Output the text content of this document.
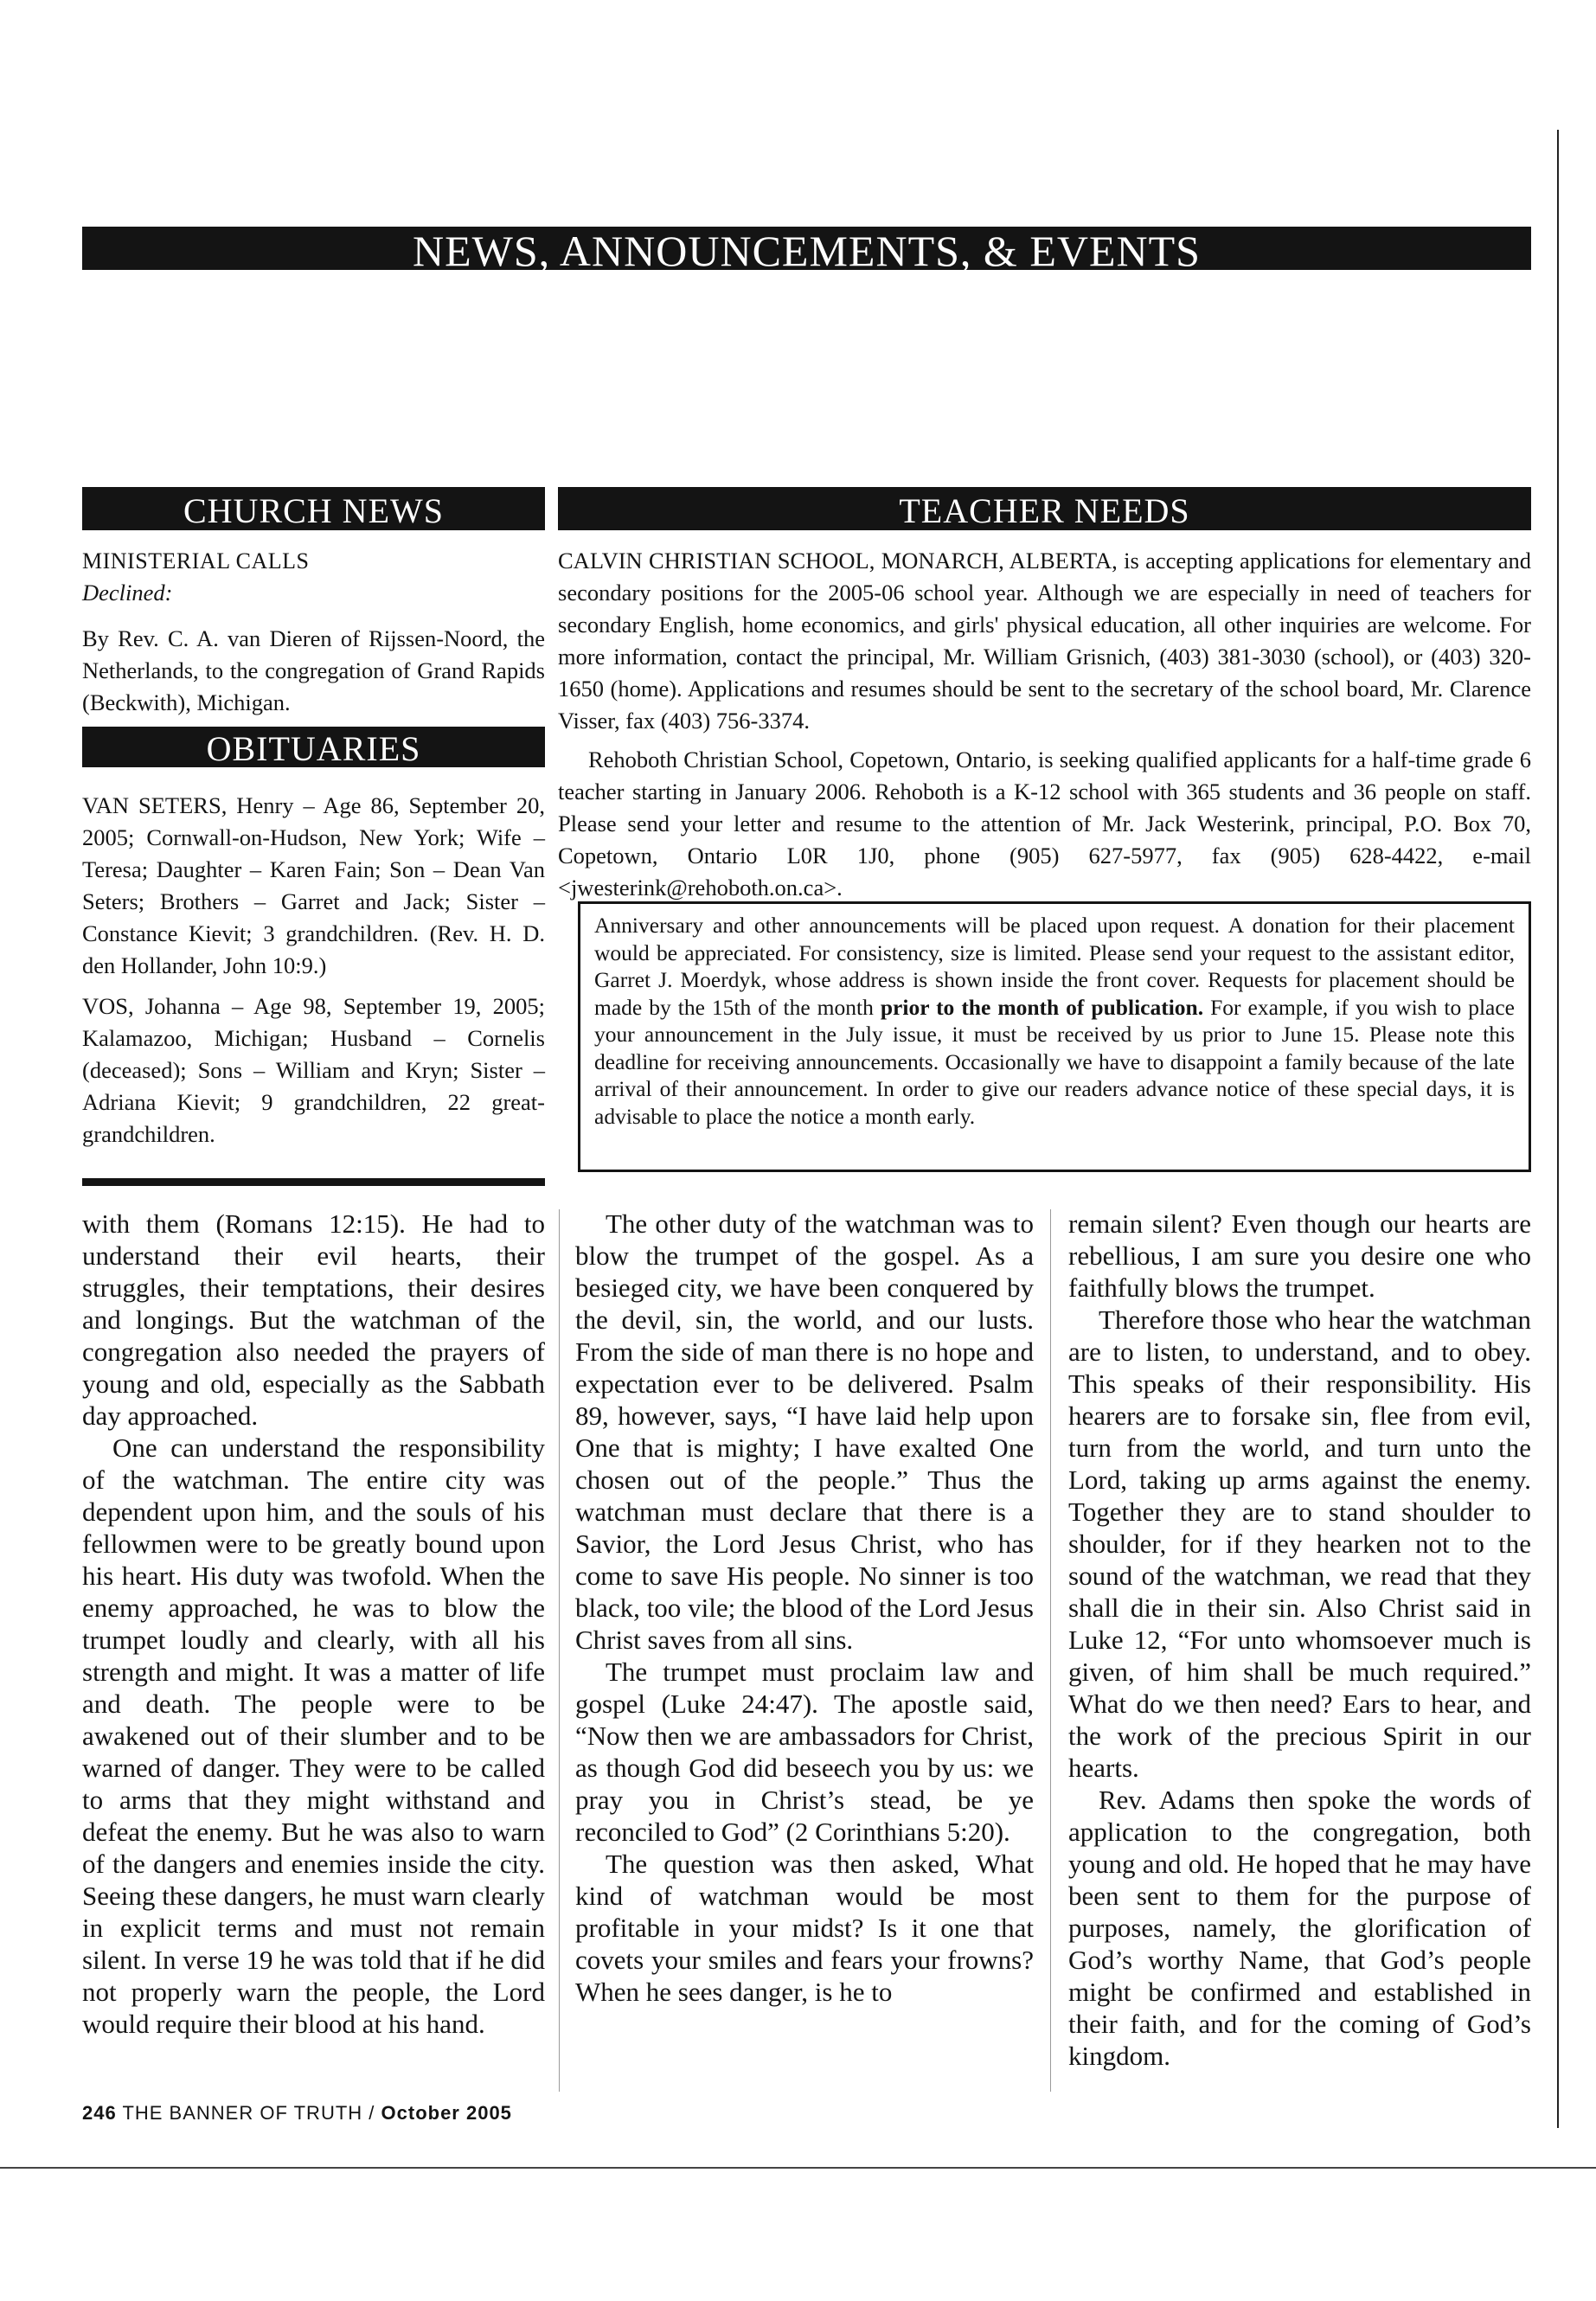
NEWS, ANNOUNCEMENTS, & EVENTS
CHURCH NEWS	TEACHER NEEDS
MINISTERIAL CALLS
Declined:

By Rev. C. A. van Dieren of Rijssen-Noord, the Netherlands, to the congregation of Grand Rapids (Beckwith), Michigan.

OBITUARIES

VAN SETERS, Henry – Age 86, September 20, 2005; Cornwall-on-Hudson, New York; Wife – Teresa; Daughter – Karen Fain; Son – Dean Van Seters; Brothers – Garret and Jack; Sister – Constance Kievit; 3 grandchildren. (Rev. H. D. den Hollander, John 10:9.)

VOS, Johanna – Age 98, September 19, 2005; Kalamazoo, Michigan; Husband – Cornelis (deceased); Sons – William and Kryn; Sister – Adriana Kievit; 9 grandchildren, 22 great-grandchildren.

CALVIN CHRISTIAN SCHOOL, MONARCH, ALBERTA, is accepting applications for elementary and secondary positions for the 2005-06 school year. Although we are especially in need of teachers for secondary English, home economics, and girls' physical education, all other inquiries are welcome. For more information, contact the principal, Mr. William Grisnich, (403) 381-3030 (school), or (403) 320-1650 (home). Applications and resumes should be sent to the secretary of the school board, Mr. Clarence Visser, fax (403) 756-3374.

Rehoboth Christian School, Copetown, Ontario, is seeking qualified applicants for a half-time grade 6 teacher starting in January 2006. Rehoboth is a K-12 school with 365 students and 36 people on staff. Please send your letter and resume to the attention of Mr. Jack Westerink, principal, P.O. Box 70, Copetown, Ontario L0R 1J0, phone (905) 627-5977, fax (905) 628-4422, e-mail <jwesterink@rehoboth.on.ca>.

Anniversary and other announcements will be placed upon request. A donation for their placement would be appreciated. For consistency, size is limited. Please send your request to the assistant editor, Garret J. Moerdyk, whose address is shown inside the front cover. Requests for placement should be made by the 15th of the month prior to the month of publication. For example, if you wish to place your announcement in the July issue, it must be received by us prior to June 15. Please note this deadline for receiving announcements. Occasionally we have to disappoint a family because of the late arrival of their announcement. In order to give our readers advance notice of these special days, it is advisable to place the notice a month early.

with them (Romans 12:15). He had to understand their evil hearts, their struggles, their temptations, their desires and longings. But the watchman of the congregation also needed the prayers of young and old, especially as the Sabbath day approached.

One can understand the responsibility of the watchman. The entire city was dependent upon him, and the souls of his fellowmen were to be greatly bound upon his heart. His duty was twofold. When the enemy approached, he was to blow the trumpet loudly and clearly, with all his strength and might. It was a matter of life and death. The people were to be awakened out of their slumber and to be warned of danger. They were to be called to arms that they might withstand and defeat the enemy. But he was also to warn of the dangers and enemies inside the city. Seeing these dangers, he must warn clearly in explicit terms and must not remain silent. In verse 19 he was told that if he did not properly warn the people, the Lord would require their blood at his hand.

The other duty of the watchman was to blow the trumpet of the gospel. As a besieged city, we have been conquered by the devil, sin, the world, and our lusts. From the side of man there is no hope and expectation ever to be delivered. Psalm 89, however, says, “I have laid help upon One that is mighty; I have exalted One chosen out of the people.” Thus the watchman must declare that there is a Savior, the Lord Jesus Christ, who has come to save His people. No sinner is too black, too vile; the blood of the Lord Jesus Christ saves from all sins.

The trumpet must proclaim law and gospel (Luke 24:47). The apostle said, “Now then we are ambassadors for Christ, as though God did beseech you by us: we pray you in Christ’s stead, be ye reconciled to God” (2 Corinthians 5:20).

The question was then asked, What kind of watchman would be most profitable in your midst? Is it one that covets your smiles and fears your frowns? When he sees danger, is he to

remain silent? Even though our hearts are rebellious, I am sure you desire one who faithfully blows the trumpet.

Therefore those who hear the watchman are to listen, to understand, and to obey. This speaks of their responsibility. His hearers are to forsake sin, flee from evil, turn from the world, and turn unto the Lord, taking up arms against the enemy. Together they are to stand shoulder to shoulder, for if they hearken not to the sound of the watchman, we read that they shall die in their sin. Also Christ said in Luke 12, “For unto whomsoever much is given, of him shall be much required.” What do we then need? Ears to hear, and the work of the precious Spirit in our hearts.

Rev. Adams then spoke the words of application to the congregation, both young and old. He hoped that he may have been sent to them for the purpose of purposes, namely, the glorification of God’s worthy Name, that God’s people might be confirmed and established in their faith, and for the coming of God’s kingdom.

246 THE BANNER OF TRUTH / October 2005
